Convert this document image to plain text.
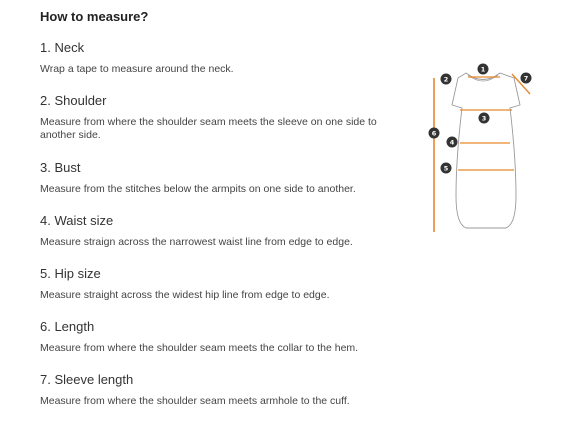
How to measure?
1. Neck
Wrap a tape to measure around the neck.
2. Shoulder
Measure from where the shoulder seam meets the sleeve on one side to another side.
3. Bust
Measure from the stitches below the armpits on one side to another.
4. Waist size
Measure straign across the narrowest waist line from edge to edge.
5. Hip size
Measure straight across the widest hip line from edge to edge.
6. Length
Measure from where the shoulder seam meets the collar to the hem.
7. Sleeve length
Measure from where the shoulder seam meets armhole to the cuff.
1
2
3
4
5
6
7
